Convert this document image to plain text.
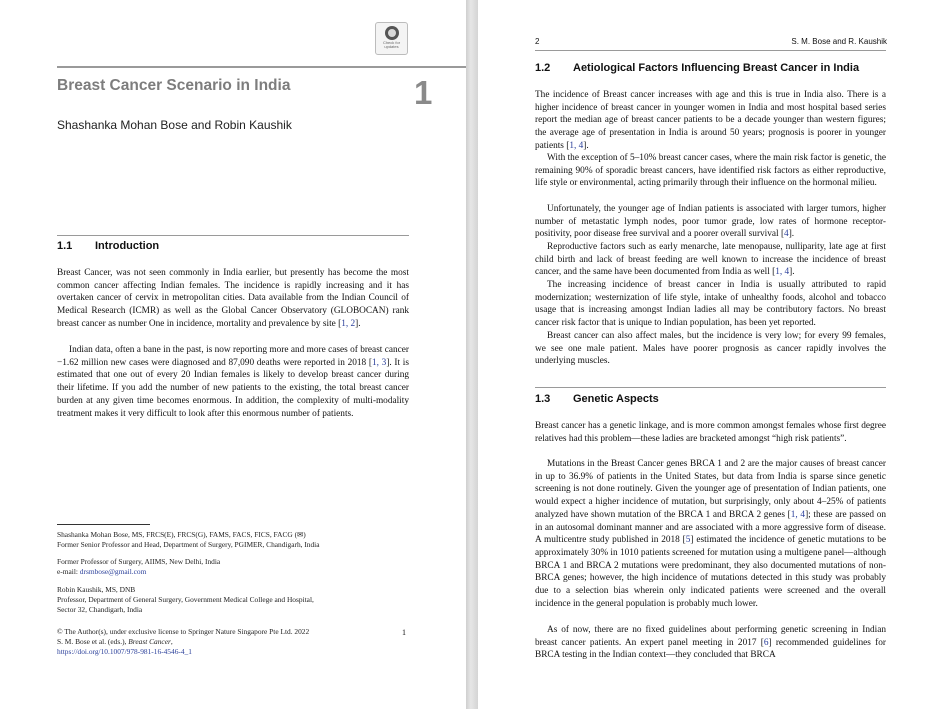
Check for updates
Breast Cancer Scenario in India	1
Shashanka Mohan Bose and Robin Kaushik
1.1 Introduction

Breast Cancer, was not seen commonly in India earlier, but presently has become the most common cancer affecting Indian females. The incidence is rapidly increasing and it has overtaken cancer of cervix in metropolitan cities. Data available from the Indian Council of Medical Research (ICMR) as well as the Global Cancer Observatory (GLOBOCAN) rank breast cancer as number One in incidence, mortality and prevalence by site [1, 2].

Indian data, often a bane in the past, is now reporting more and more cases of breast cancer −1.62 million new cases were diagnosed and 87,090 deaths were reported in 2018 [1, 3]. It is estimated that one out of every 20 Indian females is likely to develop breast cancer during their lifetime. If you add the number of new patients to the existing, the total breast cancer burden at any given time becomes enormous. In addition, the complexity of multi-modality treatment makes it very difficult to look after this enormous number of patients.

Shashanka Mohan Bose, MS, FRCS(E), FRCS(G), FAMS, FACS, FICS, FACG (✉)
Former Senior Professor and Head, Department of Surgery, PGIMER, Chandigarh, India
Former Professor of Surgery, AIIMS, New Delhi, India
e-mail: drsmbose@gmail.com
Robin Kaushik, MS, DNB
Professor, Department of General Surgery, Government Medical College and Hospital,
Sector 32, Chandigarh, India
© The Author(s), under exclusive license to Springer Nature Singapore Pte Ltd. 2022
S. M. Bose et al. (eds.), Breast Cancer,
https://doi.org/10.1007/978-981-16-4546-4_1
1
2	S. M. Bose and R. Kaushik
1.2 Aetiological Factors Influencing Breast Cancer in India

The incidence of Breast cancer increases with age and this is true in India also. There is a higher incidence of breast cancer in younger women in India and most hospital based series report the median age of breast cancer patients to be a decade younger than western figures; the average age of presentation in India is around 50 years; prognosis is poorer in younger patients [1, 4].

With the exception of 5–10% breast cancer cases, where the main risk factor is genetic, the remaining 90% of sporadic breast cancers, have identified risk factors as either reproductive, life style or environmental, acting primarily through their influence on the hormonal milieu.

Unfortunately, the younger age of Indian patients is associated with larger tumors, higher number of metastatic lymph nodes, poor tumor grade, low rates of hormone receptor-positivity, poor disease free survival and a poorer overall survival [4].

Reproductive factors such as early menarche, late menopause, nulliparity, late age at first child birth and lack of breast feeding are well known to increase the incidence of breast cancer, and the same have been documented from India as well [1, 4].

The increasing incidence of breast cancer in India is usually attributed to rapid modernization; westernization of life style, intake of unhealthy foods, alcohol and tobacco usage that is increasing amongst Indian ladies all may be contributory factors. No breast cancer risk factor that is unique to Indian population, has been yet reported.

Breast cancer can also affect males, but the incidence is very low; for every 99 females, we see one male patient. Males have poorer prognosis as cancer rapidly involves the underlying muscles.

1.3 Genetic Aspects

Breast cancer has a genetic linkage, and is more common amongst females whose first degree relatives had this problem—these ladies are bracketed amongst “high risk patients”.

Mutations in the Breast Cancer genes BRCA 1 and 2 are the major causes of breast cancer in up to 36.9% of patients in the United States, but data from India is sparse since genetic screening is not done routinely. Given the younger age of presentation of Indian patients, one would expect a higher incidence of mutation, but surprisingly, only about 4–25% of patients analyzed have shown mutation of the BRCA 1 and BRCA 2 genes [1, 4]; these are passed on in an autosomal dominant manner and are associated with a more aggressive form of disease. A multicentre study published in 2018 [5] estimated the incidence of genetic mutations to be approximately 30% in 1010 patients screened for mutation using a multigene panel—although BRCA 1 and BRCA 2 mutations were predominant, they also documented mutations of non-BRCA genes; however, the high incidence of mutations detected in this study was probably due to a selection bias wherein only indicated patients were screened and the overall incidence in the general population is probably much lower.

As of now, there are no fixed guidelines about performing genetic screening in Indian breast cancer patients. An expert panel meeting in 2017 [6] recommended guidelines for BRCA testing in the Indian context—they concluded that BRCA
